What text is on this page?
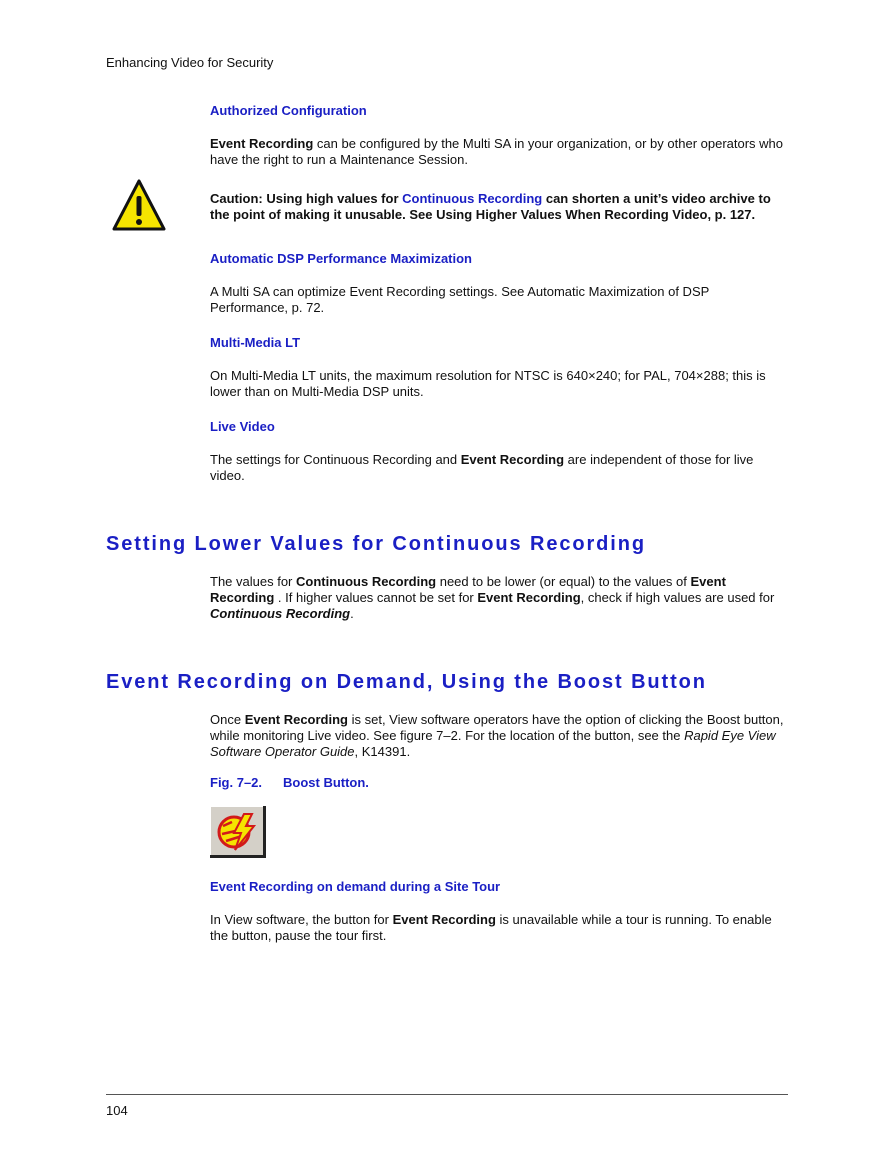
Enhancing Video for Security
Authorized Configuration
Event Recording can be configured by the Multi SA in your organization, or by other operators who have the right to run a Maintenance Session.
Caution: Using high values for Continuous Recording can shorten a unit’s video archive to the point of making it unusable. See Using Higher Values When Recording Video, p. 127.
Automatic DSP Performance Maximization
A Multi SA can optimize Event Recording settings. See Automatic Maximization of DSP Performance, p. 72.
Multi-Media LT
On Multi-Media LT units, the maximum resolution for NTSC is 640×240; for PAL, 704×288; this is lower than on Multi-Media DSP units.
Live Video
The settings for Continuous Recording and Event Recording are independent of those for live video.
Setting Lower Values for Continuous Recording
The values for Continuous Recording need to be lower (or equal) to the values of Event Recording . If higher values cannot be set for Event Recording, check if high values are used for Continuous Recording.
Event Recording on Demand, Using the Boost Button
Once Event Recording is set, View software operators have the option of clicking the Boost button, while monitoring Live video. See figure 7–2. For the location of the button, see the Rapid Eye View Software Operator Guide, K14391.
Fig. 7–2. Boost Button.
Event Recording on demand during a Site Tour
In View software, the button for Event Recording is unavailable while a tour is running. To enable the button, pause the tour first.
104
